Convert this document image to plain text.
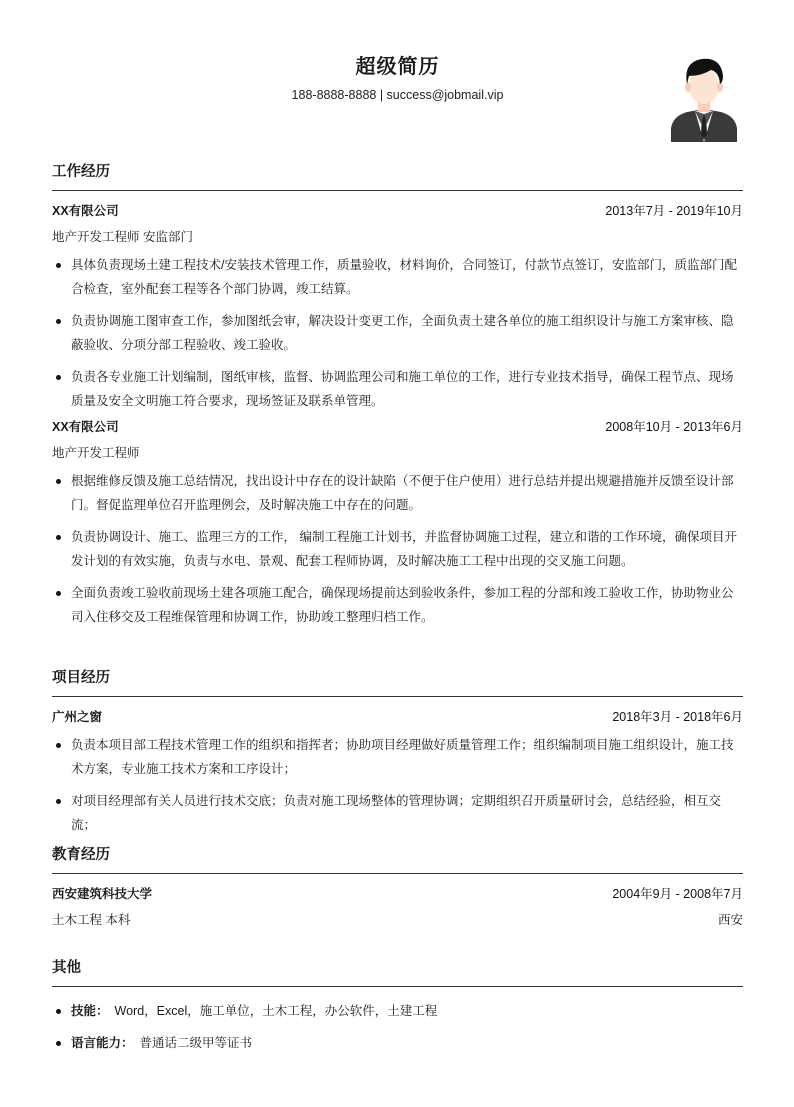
超级简历
188-8888-8888 | success@jobmail.vip
工作经历
XX有限公司	2013年7月 - 2019年10月
地产开发工程师 安监部门
具体负责现场土建工程技术/安装技术管理工作，质量验收，材料询价，合同签订，付款节点签订，安监部门，质监部门配合检查，室外配套工程等各个部门协调，竣工结算。
负责协调施工图审查工作，参加图纸会审，解决设计变更工作，全面负责土建各单位的施工组织设计与施工方案审核、隐蔽验收、分项分部工程验收、竣工验收。
负责各专业施工计划编制，图纸审核，监督、协调监理公司和施工单位的工作，进行专业技术指导，确保工程节点、现场质量及安全文明施工符合要求，现场签证及联系单管理。
XX有限公司	2008年10月 - 2013年6月
地产开发工程师
根据维修反馈及施工总结情况，找出设计中存在的设计缺陷（不便于住户使用）进行总结并提出规避措施并反馈至设计部门。督促监理单位召开监理例会，及时解决施工中存在的问题。
负责协调设计、施工、监理三方的工作， 编制工程施工计划书，并监督协调施工过程，建立和谐的工作环境，确保项目开发计划的有效实施，负责与水电、景观、配套工程师协调，及时解决施工工程中出现的交叉施工问题。
全面负责竣工验收前现场土建各项施工配合，确保现场提前达到验收条件，参加工程的分部和竣工验收工作，协助物业公司入住移交及工程维保管理和协调工作，协助竣工整理归档工作。
项目经历
广州之窗	2018年3月 - 2018年6月
负责本项目部工程技术管理工作的组织和指挥者；协助项目经理做好质量管理工作；组织编制项目施工组织设计，施工技术方案，专业施工技术方案和工序设计；
对项目经理部有关人员进行技术交底；负责对施工现场整体的管理协调；定期组织召开质量研讨会，总结经验，相互交流；
教育经历
西安建筑科技大学	2004年9月 - 2008年7月
土木工程 本科	西安
其他
技能： Word，Excel，施工单位，土木工程，办公软件，土建工程
语言能力： 普通话二级甲等证书
